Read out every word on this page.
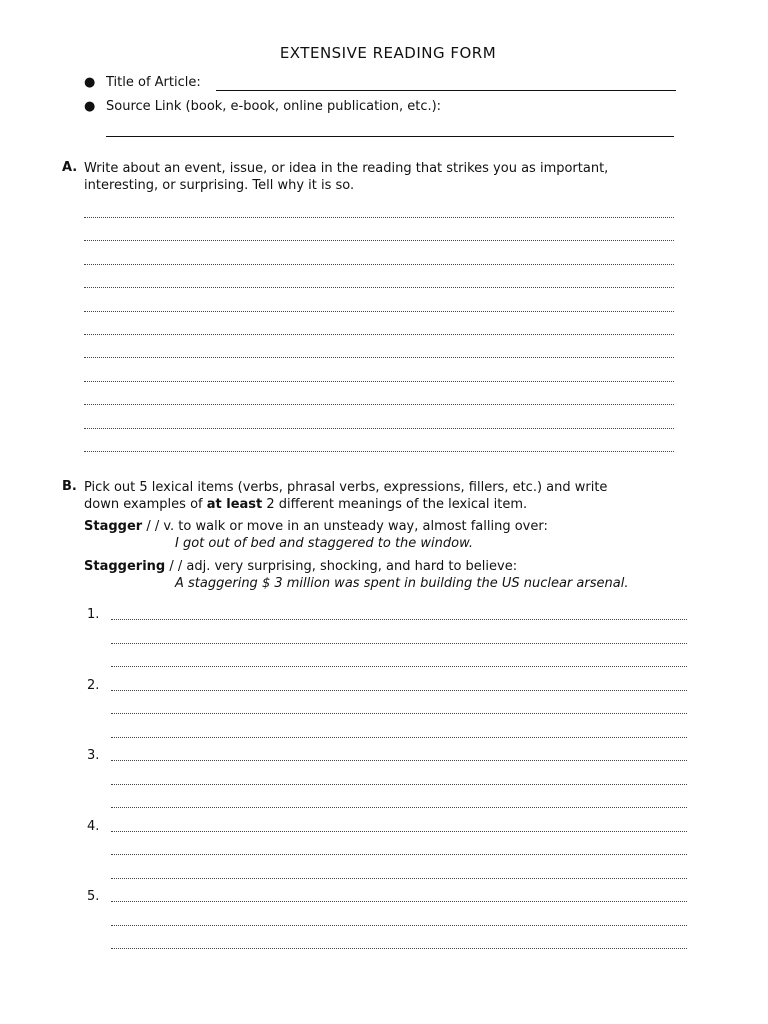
EXTENSIVE READING FORM
● Title of Article:
● Source Link (book, e-book, online publication, etc.):
A. Write about an event, issue, or idea in the reading that strikes you as important,
interesting, or surprising. Tell why it is so.
B. Pick out 5 lexical items (verbs, phrasal verbs, expressions, fillers, etc.) and write
down examples of at least 2 different meanings of the lexical item.
Stagger / / v. to walk or move in an unsteady way, almost falling over:
I got out of bed and staggered to the window.
Staggering / / adj. very surprising, shocking, and hard to believe:
A staggering $ 3 million was spent in building the US nuclear arsenal.
1.
2.
3.
4.
5.
